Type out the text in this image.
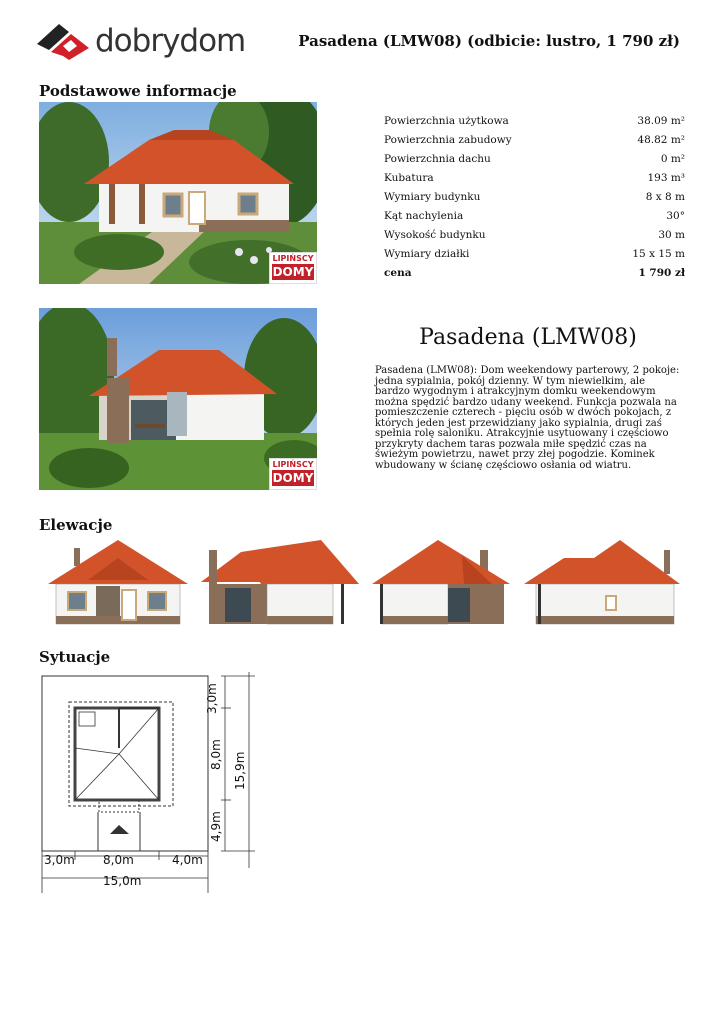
dobrydom	Pasadena (LMW08) (odbicie: lustro, 1 790 zł)
Podstawowe informacje
LIPIŃSCY
DOMY
Powierzchnia użytkowa	38.09 m²
Powierzchnia zabudowy	48.82 m²
Powierzchnia dachu	0 m²
Kubatura	193 m³
Wymiary budynku	8 x 8 m
Kąt nachylenia	30°
Wysokość budynku	30 m
Wymiary działki	15 x 15 m
cena	1 790 zł
LIPIŃSCY
DOMY
Pasadena (LMW08)
Pasadena (LMW08): Dom weekendowy parterowy, 2 pokoje: jedna sypialnia, pokój dzienny. W tym niewielkim, ale bardzo wygodnym i atrakcyjnym domku weekendowym można spędzić bardzo udany weekend. Funkcja pozwala na pomieszczenie czterech - pięciu osób w dwóch pokojach, z których jeden jest przewidziany jako sypialnia, drugi zaś spełnia rolę saloniku. Atrakcyjnie usytuowany i częściowo przykryty dachem taras pozwala miłe spędzić czas na świeżym powietrzu, nawet przy złej pogodzie. Kominek wbudowany w ścianę częściowo osłania od wiatru.
Elewacje
Sytuacje
3,0m
8,0m
4,9m
15,9m
3,0m 8,0m	4,0m
15,0m
